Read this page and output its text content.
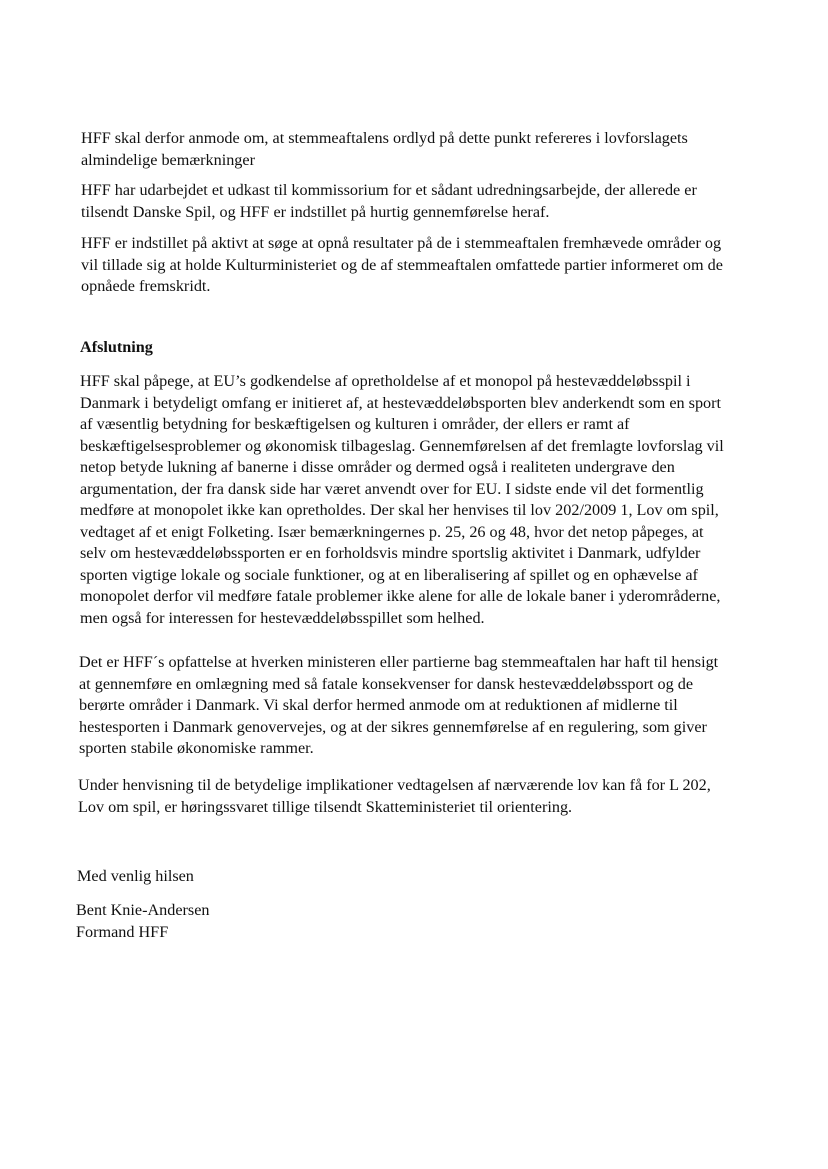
HFF skal derfor anmode om, at stemmeaftalens ordlyd på dette punkt refereres i lovforslagets
almindelige bemærkninger
HFF har udarbejdet et udkast til kommissorium for et sådant udredningsarbejde, der allerede er
tilsendt Danske Spil, og HFF er indstillet på hurtig gennemførelse heraf.
HFF er indstillet på aktivt at søge at opnå resultater på de i stemmeaftalen fremhævede områder og
vil tillade sig at holde Kulturministeriet og de af stemmeaftalen omfattede partier informeret om de
opnåede fremskridt.
Afslutning
HFF skal påpege, at EU’s godkendelse af opretholdelse af et monopol på hestevæddeløbsspil i
Danmark i betydeligt omfang er initieret af, at hestevæddeløbsporten blev anderkendt som en sport
af væsentlig betydning for beskæftigelsen og kulturen i områder, der ellers er ramt af
beskæftigelsesproblemer og økonomisk tilbageslag. Gennemførelsen af det fremlagte lovforslag vil
netop betyde lukning af banerne i disse områder og dermed også i realiteten undergrave den
argumentation, der fra dansk side har været anvendt over for EU. I sidste ende vil det formentlig
medføre at monopolet ikke kan opretholdes. Der skal her henvises til lov 202/2009 1, Lov om spil,
vedtaget af et enigt Folketing. Især bemærkningernes p. 25, 26 og 48, hvor det netop påpeges, at
selv om hestevæddeløbssporten er en forholdsvis mindre sportslig aktivitet i Danmark, udfylder
sporten vigtige lokale og sociale funktioner, og at en liberalisering af spillet og en ophævelse af
monopolet derfor vil medføre fatale problemer ikke alene for alle de lokale baner i yderområderne,
men også for interessen for hestevæddeløbsspillet som helhed.
Det er HFF´s opfattelse at hverken ministeren eller partierne bag stemmeaftalen har haft til hensigt
at gennemføre en omlægning med så fatale konsekvenser for dansk hestevæddeløbssport og de
berørte områder i Danmark. Vi skal derfor hermed anmode om at reduktionen af midlerne til
hestesporten i Danmark genovervejes, og at der sikres gennemførelse af en regulering, som giver
sporten stabile økonomiske rammer.
Under henvisning til de betydelige implikationer vedtagelsen af nærværende lov kan få for L 202,
Lov om spil, er høringssvaret tillige tilsendt Skatteministeriet til orientering.
Med venlig hilsen
Bent Knie-Andersen
Formand HFF
